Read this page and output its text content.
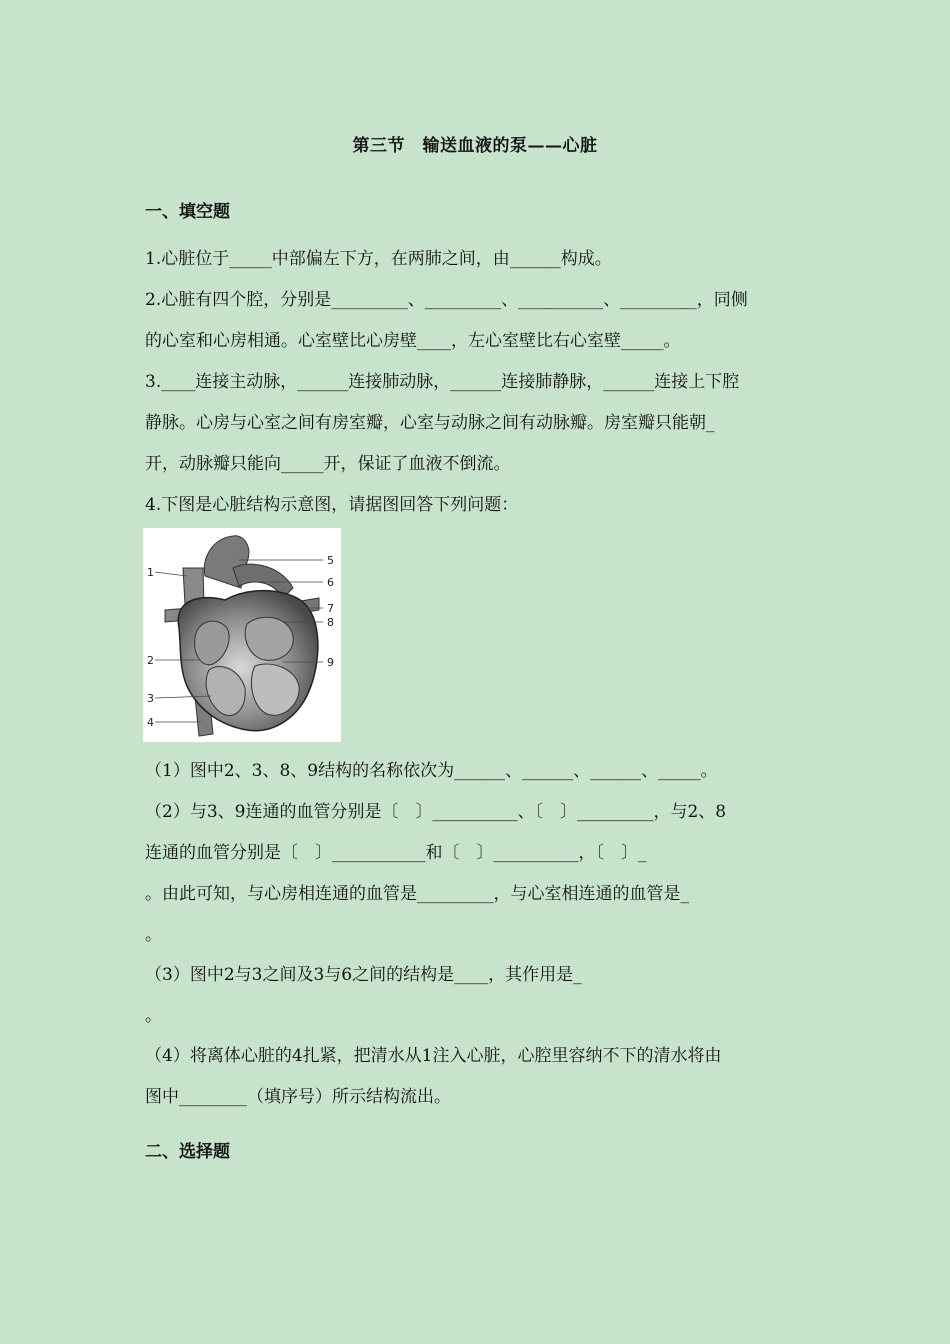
第三节　输送血液的泵——心脏
一、填空题
1.心脏位于_____中部偏左下方，在两肺之间，由______构成。
2.心脏有四个腔，分别是_________、_________、__________、_________，同侧
的心室和心房相通。心室壁比心房壁____，左心室壁比右心室壁_____。
3.____连接主动脉，______连接肺动脉，______连接肺静脉，______连接上下腔
静脉。心房与心室之间有房室瓣，心室与动脉之间有动脉瓣。房室瓣只能朝_
开，动脉瓣只能向_____开，保证了血液不倒流。
4.下图是心脏结构示意图，请据图回答下列问题：
1
2
3
4
5
6
7
8
9
（1）图中2、3、8、9结构的名称依次为______、______、______、_____。
（2）与3、9连通的血管分别是〔　〕__________、〔　〕_________，与2、8
连通的血管分别是〔　〕___________和〔　〕__________，〔　〕_
。由此可知，与心房相连通的血管是_________，与心室相连通的血管是_
。
（3）图中2与3之间及3与6之间的结构是____，其作用是_
。
（4）将离体心脏的4扎紧，把清水从1注入心脏，心腔里容纳不下的清水将由
图中________（填序号）所示结构流出。
二、选择题
